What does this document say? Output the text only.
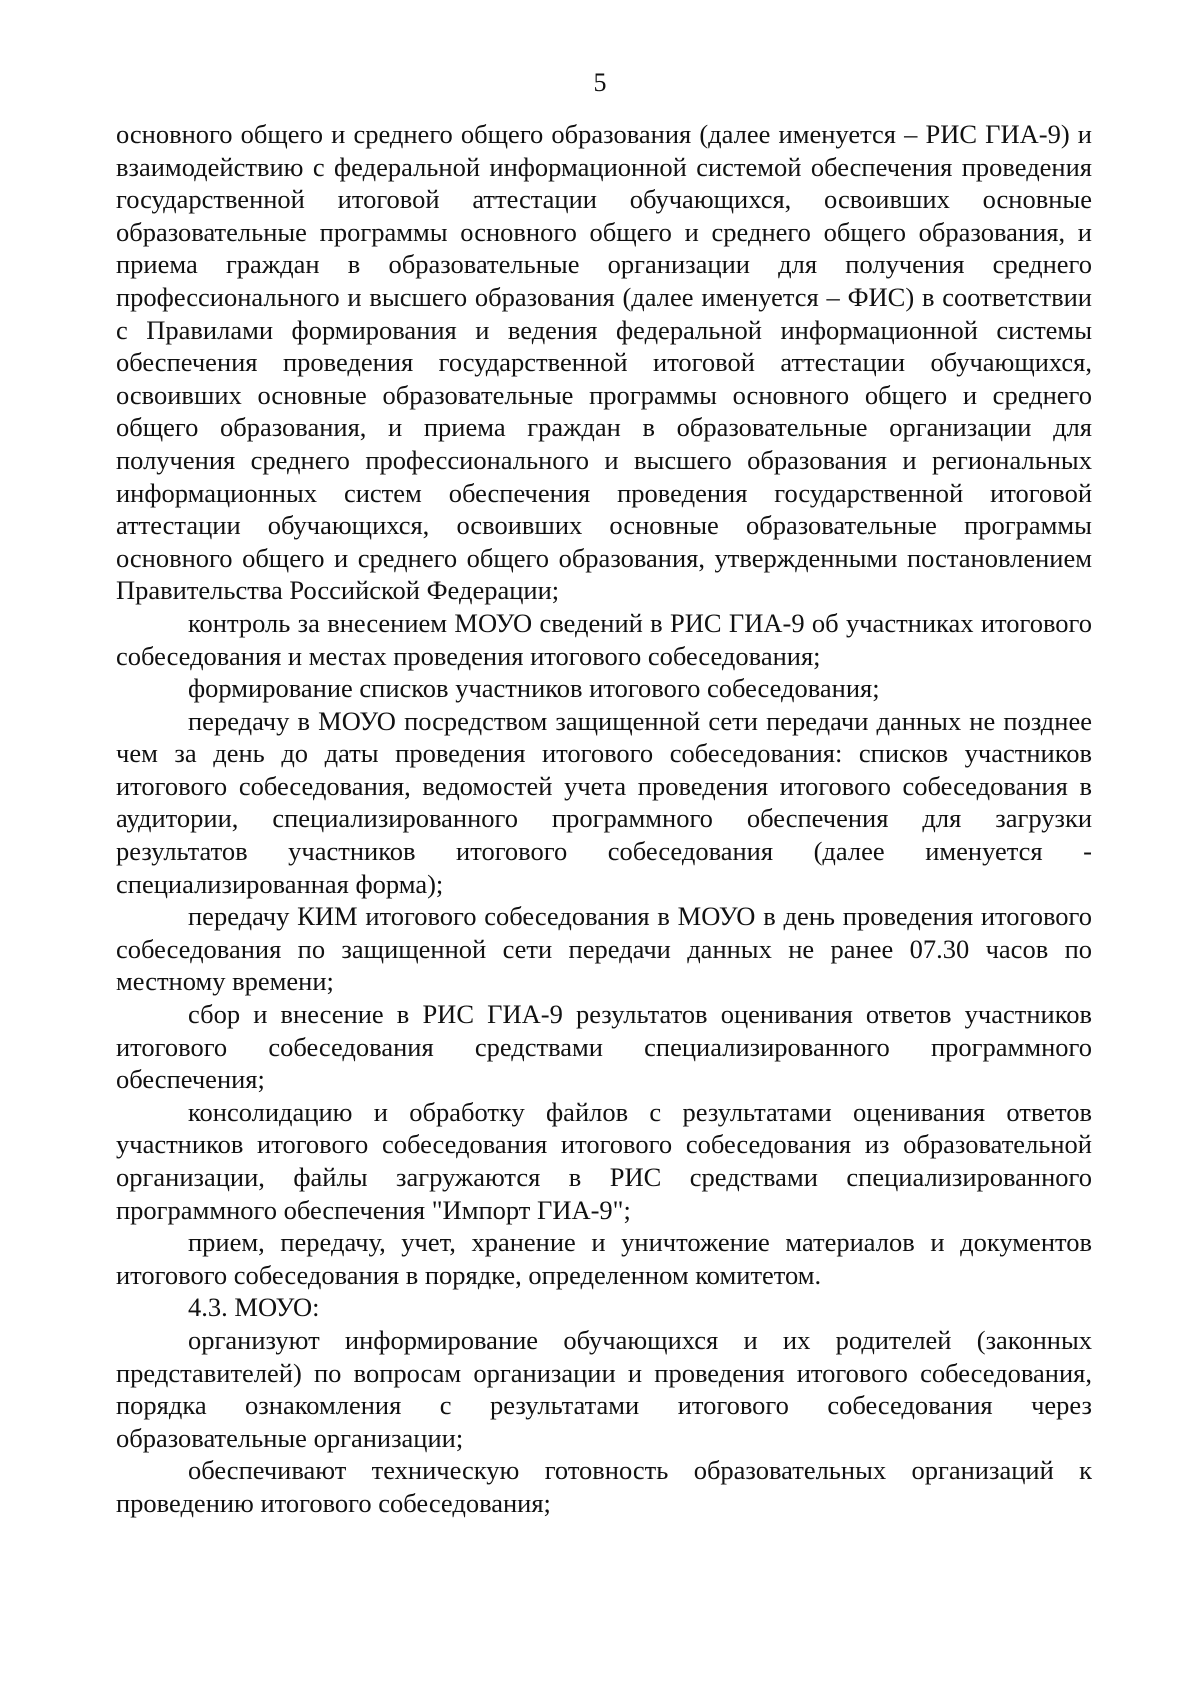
5

основного общего и среднего общего образования (далее именуется – РИС ГИА-9) и взаимодействию с федеральной информационной системой обеспечения проведения государственной итоговой аттестации обучающихся, освоивших основные образовательные программы основного общего и среднего общего образования, и приема граждан в образовательные организации для получения среднего профессионального и высшего образования (далее именуется – ФИС) в соответствии с Правилами формирования и ведения федеральной информационной системы обеспечения проведения государственной итоговой аттестации обучающихся, освоивших основные образовательные программы основного общего и среднего общего образования, и приема граждан в образовательные организации для получения среднего профессионального и высшего образования и региональных информационных систем обеспечения проведения государственной итоговой аттестации обучающихся, освоивших основные образовательные программы основного общего и среднего общего образования, утвержденными постановлением Правительства Российской Федерации;

контроль за внесением МОУО сведений в РИС ГИА-9 об участниках итогового собеседования и местах проведения итогового собеседования;

формирование списков участников итогового собеседования;

передачу в МОУО посредством защищенной сети передачи данных не позднее чем за день до даты проведения итогового собеседования: списков участников итогового собеседования, ведомостей учета проведения итогового собеседования в аудитории, специализированного программного обеспечения для загрузки результатов участников итогового собеседования (далее именуется - специализированная форма);

передачу КИМ итогового собеседования в МОУО в день проведения итогового собеседования по защищенной сети передачи данных не ранее 07.30 часов по местному времени;

сбор и внесение в РИС ГИА-9 результатов оценивания ответов участников итогового собеседования средствами специализированного программного обеспечения;

консолидацию и обработку файлов с результатами оценивания ответов участников итогового собеседования итогового собеседования из образовательной организации, файлы загружаются в РИС средствами специализированного программного обеспечения "Импорт ГИА-9";

прием, передачу, учет, хранение и уничтожение материалов и документов итогового собеседования в порядке, определенном комитетом.

4.3. МОУО:

организуют информирование обучающихся и их родителей (законных представителей) по вопросам организации и проведения итогового собеседования, порядка ознакомления с результатами итогового собеседования через образовательные организации;

обеспечивают техническую готовность образовательных организаций к проведению итогового собеседования;
